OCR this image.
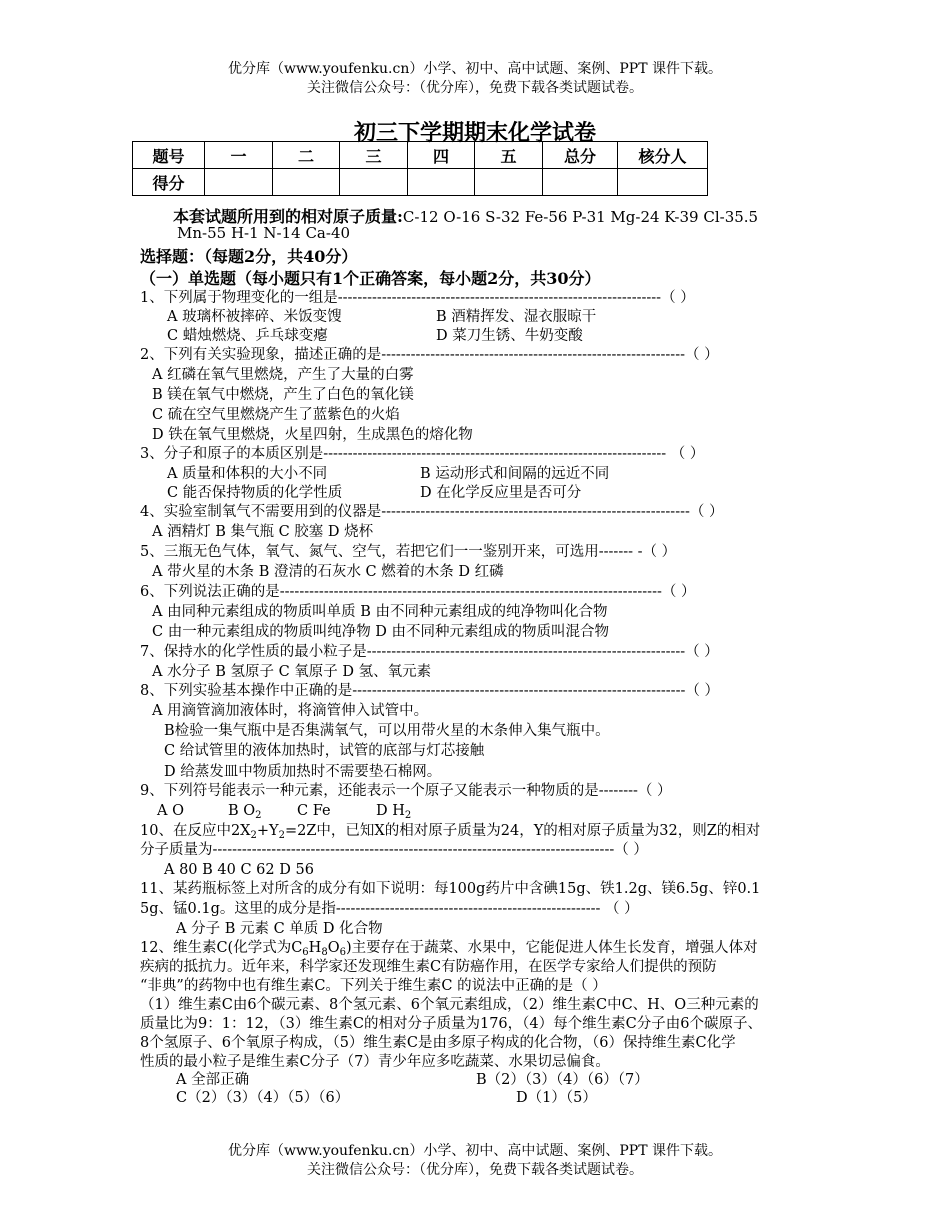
优分库（www.youfenku.cn）小学、初中、高中试题、案例、PPT 课件下载。
关注微信公众号：（优分库），免费下载各类试题试卷。
初三下学期期末化学试卷
题号	一	二	三	四	五	总分	核分人
得分							
本套试题所用到的相对原子质量:C-12 O-16 S-32 Fe-56 P-31 Mg-24 K-39 Cl-35.5
Mn-55 H-1 N-14 Ca-40
选择题：（每题2分，共40分）
（一）单选题（每小题只有1个正确答案，每小题2分，共30分）
1、下列属于物理变化的一组是------------------------------------------------------------------（ ）
A 玻璃杯被摔碎、米饭变馊	B 酒精挥发、湿衣服晾干
C 蜡烛燃烧、乒乓球变瘪	D 菜刀生锈、牛奶变酸
2、下列有关实验现象，描述正确的是--------------------------------------------------------------（ ）
A 红磷在氧气里燃烧，产生了大量的白雾
B 镁在氧气中燃烧，产生了白色的氧化镁
C 硫在空气里燃烧产生了蓝紫色的火焰
D 铁在氧气里燃烧，火星四射，生成黑色的熔化物
3、分子和原子的本质区别是---------------------------------------------------------------------- （ ）
A 质量和体积的大小不同	B 运动形式和间隔的远近不同
C 能否保持物质的化学性质	D 在化学反应里是否可分
4、实验室制氧气不需要用到的仪器是---------------------------------------------------------------（ ）
A 酒精灯 B 集气瓶 C 胶塞 D 烧杯
5、三瓶无色气体，氧气、氮气、空气，若把它们一一鉴别开来，可选用------- -（ ）
A 带火星的木条 B 澄清的石灰水 C 燃着的木条 D 红磷
6、下列说法正确的是------------------------------------------------------------------------------（ ）
A 由同种元素组成的物质叫单质 B 由不同种元素组成的纯净物叫化合物
C 由一种元素组成的物质叫纯净物 D 由不同种元素组成的物质叫混合物
7、保持水的化学性质的最小粒子是-----------------------------------------------------------------（ ）
A 水分子 B 氢原子 C 氧原子 D 氢、氧元素
8、下列实验基本操作中正确的是--------------------------------------------------------------------（ ）
A 用滴管滴加液体时，将滴管伸入试管中。
B检验一集气瓶中是否集满氧气，可以用带火星的木条伸入集气瓶中。
C 给试管里的液体加热时，试管的底部与灯芯接触
D 给蒸发皿中物质加热时不需要垫石棉网。
9、下列符号能表示一种元素，还能表示一个原子又能表示一种物质的是--------（ ）
A O	B $O_2$ C Fe	D $H_2$
10、在反应中$2X_2+Y_2=2Z$中，已知X的相对原子质量为24，Y的相对原子质量为32，则Z的相对
分子质量为----------------------------------------------------------------------------------（ ）
A 80 B 40 C 62 D 56
11、某药瓶标签上对所含的成分有如下说明：每100g药片中含碘15g、铁1.2g、镁6.5g、锌0.1
5g、锰0.1g。这里的成分是指------------------------------------------------------ （ ）
A 分子 B 元素 C 单质 D 化合物
12、维生素C(化学式为$C_6H_8O_6$)主要存在于蔬菜、水果中，它能促进人体生长发育，增强人体对
疾病的抵抗力。近年来，科学家还发现维生素C有防癌作用，在医学专家给人们提供的预防
“非典”的药物中也有维生素C。下列关于维生素C 的说法中正确的是（ ）
（1）维生素C由6个碳元素、8个氢元素、6个氧元素组成，（2）维生素C中C、H、O三种元素的
质量比为9：1：12，（3）维生素C的相对分子质量为176，（4）每个维生素C分子由6个碳原子、
8个氢原子、6个氧原子构成，（5）维生素C是由多原子构成的化合物，（6）保持维生素C化学
性质的最小粒子是维生素C分子（7）青少年应多吃蔬菜、水果切忌偏食。
A 全部正确	B（2）（3）（4）（6）（7）
C（2）（3）（4）（5）（6）	D（1）（5）
优分库（www.youfenku.cn）小学、初中、高中试题、案例、PPT 课件下载。
关注微信公众号：（优分库），免费下载各类试题试卷。
